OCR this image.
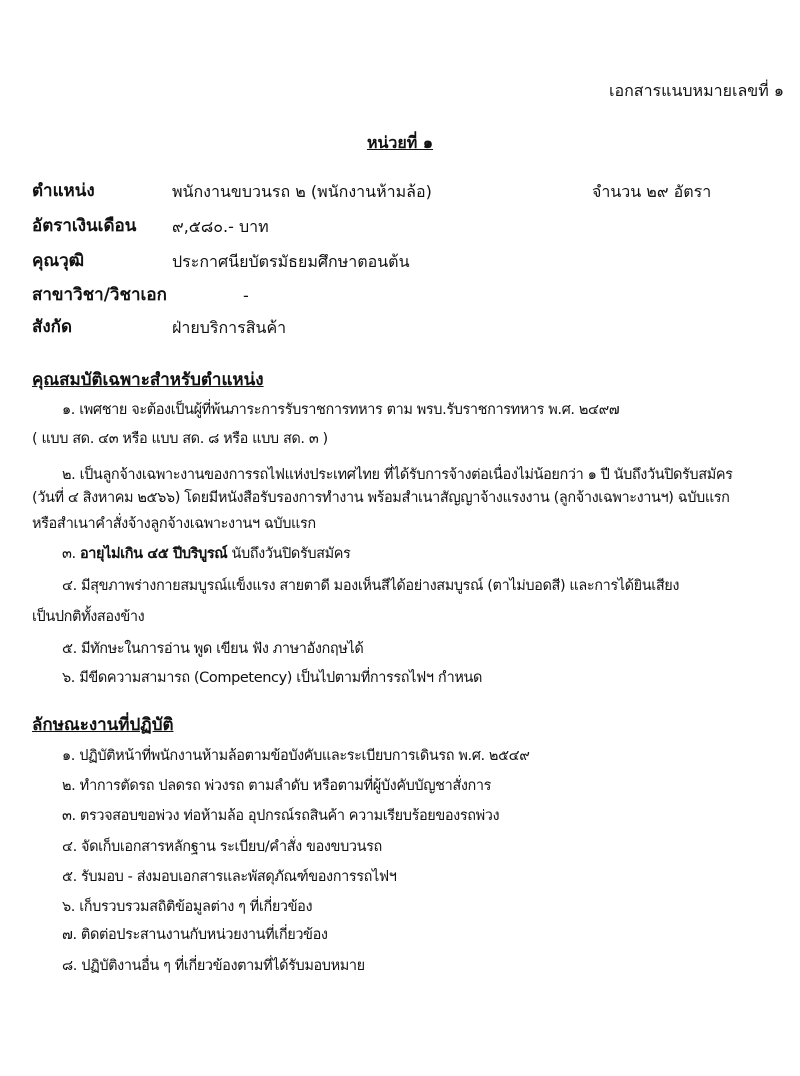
เอกสารแนบหมายเลขที่ ๑
หน่วยที่ ๑
ตำแหน่ง	พนักงานขบวนรถ ๒ (พนักงานห้ามล้อ)	จำนวน ๒๙ อัตรา
อัตราเงินเดือน ๙,๕๘๐.- บาท
คุณวุฒิ	ประกาศนียบัตรมัธยมศึกษาตอนต้น
สาขาวิชา/วิชาเอก	-
สังกัด	ฝ่ายบริการสินค้า
คุณสมบัติเฉพาะสำหรับตำแหน่ง
๑. เพศชาย จะต้องเป็นผู้ที่พ้นภาระการรับราชการทหาร ตาม พรบ.รับราชการทหาร พ.ศ. ๒๔๙๗
( แบบ สด. ๔๓ หรือ แบบ สด. ๘ หรือ แบบ สด. ๓ )
๒. เป็นลูกจ้างเฉพาะงานของการรถไฟแห่งประเทศไทย ที่ได้รับการจ้างต่อเนื่องไม่น้อยกว่า ๑ ปี นับถึงวันปิดรับสมัคร
(วันที่ ๔ สิงหาคม ๒๕๖๖) โดยมีหนังสือรับรองการทำงาน พร้อมสำเนาสัญญาจ้างแรงงาน (ลูกจ้างเฉพาะงานฯ) ฉบับแรก
หรือสำเนาคำสั่งจ้างลูกจ้างเฉพาะงานฯ ฉบับแรก
๓. อายุไม่เกิน ๔๕ ปีบริบูรณ์ นับถึงวันปิดรับสมัคร
๔. มีสุขภาพร่างกายสมบูรณ์แข็งแรง สายตาดี มองเห็นสีได้อย่างสมบูรณ์ (ตาไม่บอดสี) และการได้ยินเสียง
เป็นปกติทั้งสองข้าง
๕. มีทักษะในการอ่าน พูด เขียน ฟัง ภาษาอังกฤษได้
๖. มีขีดความสามารถ (Competency) เป็นไปตามที่การรถไฟฯ กำหนด
ลักษณะงานที่ปฏิบัติ
๑. ปฏิบัติหน้าที่พนักงานห้ามล้อตามข้อบังคับและระเบียบการเดินรถ พ.ศ. ๒๕๔๙
๒. ทำการตัดรถ ปลดรถ พ่วงรถ ตามลำดับ หรือตามที่ผู้บังคับบัญชาสั่งการ
๓. ตรวจสอบขอพ่วง ท่อห้ามล้อ อุปกรณ์รถสินค้า ความเรียบร้อยของรถพ่วง
๔. จัดเก็บเอกสารหลักฐาน ระเบียบ/คำสั่ง ของขบวนรถ
๕. รับมอบ - ส่งมอบเอกสารและพัสดุภัณฑ์ของการรถไฟฯ
๖. เก็บรวบรวมสถิติข้อมูลต่าง ๆ ที่เกี่ยวข้อง
๗. ติดต่อประสานงานกับหน่วยงานที่เกี่ยวข้อง
๘. ปฏิบัติงานอื่น ๆ ที่เกี่ยวข้องตามที่ได้รับมอบหมาย
